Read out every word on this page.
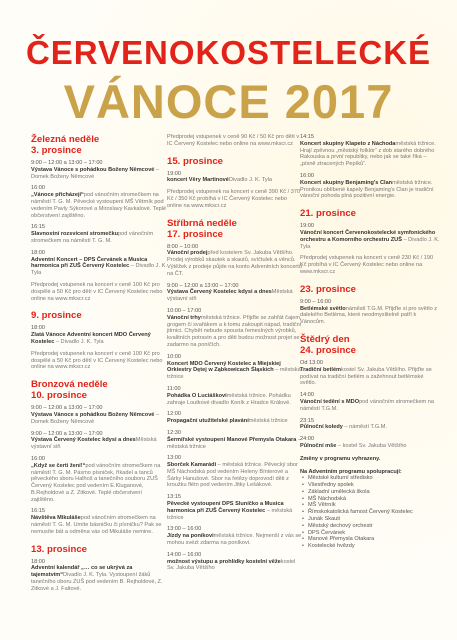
ČERVENOKOSTELECKÉ
VÁNOCE 2017
Železná neděle
3. prosince
9:00 – 12:00 a 13:00 – 17:00
Výstava Vánoce s pohádkou Boženy Němcové – Domek Boženy Němcové
16:00
„Vánoce přicházejí“pod vánočním stromečkem na náměstí T. G. M. Pěvecké vystoupení MŠ Větrník pod vedením Pavly Sýkorové a Miroslavy Kavkalové. Teplé občerstvení zajištěno.
16:15
Slavnostní rozsvícení stromečkupod vánočním stromečkem na náměstí T. G. M.
18:00
Adventní Koncert – DPS Červánek a Musica harmonica při ZUŠ Červený Kostelec – Divadlo J. K. Tyla
Předprodej vstupenek na koncert v ceně 100 Kč pro dospělé a 50 Kč pro dětí v IC Červený Kostelec nebo online na www.mkscr.cz
9. prosince
18:00
Zlatá Vánoce Adventní koncert MDO Červený Kostelec – Divadlo J. K. Tyla
Předprodej vstupenek na koncert v ceně 100 Kč pro dospělé a 50 Kč pro dětí v IC Červený Kostelec nebo online na www.mkscr.cz
Bronzová neděle
10. prosince
9:00 – 12:00 a 13:00 – 17:00
Výstava Vánoce s pohádkou Boženy Němcové – Domek Boženy Němcové
9:00 – 12:00 a 13:00 – 17:00
Výstava Červený Kostelec kdysi a dnesMěstská výstavní síň
16:00
„Když se čerti žení!“pod vánočním stromečkem na náměstí T. G. M. Pásmo písniček, říkadel a tanců pěveckého sboru Halhoš a tanečního souboru ZUŠ Červený Kostelec pod vedením E.Kluganové, B.Rejholdové a Z. Zitkové. Teplé občerstvení zajištěno.
16:15
Návštěva Mikulášepod vánočním stromečkem na náměstí T. G. M. Umíte básničku či písničku? Pak se nemusíte bát a odměna vás od Mikuláše nemine.
13. prosince
18:00
Adventní kalendář „… co se ukrývá za tajemstvím“Divadlo J. K. Tyla. Vystoupení žáků tanečního oboru ZUŠ pod vedením B. Rejholdové, Z. Zitkové a J. Faltové.
Předprodej vstupenek v ceně 90 Kč / 50 Kč pro dětí v IC Červený Kostelec nebo online na www.mkscr.cz
15. prosince
19:00
koncert Věry MartinovéDivadlo J. K. Tyla
Předprodej vstupenek na koncert v ceně 390 Kč / 370 Kč / 350 Kč probíhá v IC Červený Kostelec nebo online na www.mkscr.cz
Stříbrná neděle
17. prosince
8:00 – 10:00
Vánoční prodejpřed kostelem Sv. Jakuba Většího. Prodej výrobků skautek a skautů, svíčtulek a věnců. Výtěžek z prodeje půjde na konto Adventních koncertů na ČT.
9:00 – 12:00 a 13:00 – 17:00
Výstava Červený Kostelec kdysi a dnesMěstská výstavní síň
10:00 – 17:00
Vánoční trhyměstská tržnice. Přijďte se zahřát čajem, grogem či svařákem a k tomu zakoupit nápad, tradiční jitrnici. Chybět nebude spousta řemeslných výrobků, kvalitních potravin a pro děti budou možnost projet se zadarmo na poníčích.
10:00
Koncert MDO Červený Kostelec a Miejskiej Orkiestry Dętej w Ząbkowicach Śląskich – městská tržnice
11:00
Pohádka O Luciáškoviměstská tržnice. Pohádku zahraje Loutkové divadlo Koník z Hradce Králové.
12:00
Propagační utužitelské plaváníměstská tržnice
12:30
Šermířské vystoupení Manové Přemysla Otakara – městská tržnice
13:00
Sborček Kamarádi – městská tržnice. Pěvecký sbor MŠ Náchodská pod vedením Heleny Bínterové a Šárky Hanušové. Sbor na řetězy doprovodí děti z kroužku flétn pod vedením Jitky Lešákové.
13:15
Pěvecké vystoupení DPS Sluníčko a Musica harmonica při ZUŠ Červený Kostelec – městská tržnice
13:00 – 16:00
Jízdy na poníkoviměstská tržnice. Nejmenší z vás se mohou svézt zdarma na poníkovi.
14:00 – 16:00
možnost výstupu a prohlídky kostelní věžekostel Sv. Jakuba Většího
14:15
Koncert skupiny Klapeto z Náchodaměstská tržnice. Hrají zpěvnou „městský folklór“ z dob starého dobrého Rakouska a první republiky, nebo jak se také říká – „písně ztracených Pepíků“.
16:00
Koncert skupiny Benjaming's Clanměstská tržnice. Pronikou oblíbené kapely Benjaming's Clan je tradiční vánoční pohoda plná pozitivní energie.
21. prosince
19:00
Vánoční koncert Červenokostelecké symfonického orchestru a Komorního orchestru ZUŠ – Divadlo J. K. Tyla
Předprodej vstupenek na koncert v ceně 230 Kč / 190 Kč probíhá v IC Červený Kostelec nebo online na www.mkscr.cz
23. prosince
9:00 – 16:00
Betlémské světlonáměstí T.G.M. Přijďte si pro světlo z dalekého Betléma, které neodmyslitelně patří k Vánocům.
Štědrý den
24. prosince
Od 13:00
Tradiční betlémkostel Sv. Jakuba Většího. Přijďte se podívat na tradiční betlém a zažehnout betlémské světlo.
14:00
Vánoční tedění s MDOpod vánočním stromečkem na náměstí T.G.M.
23:15
Půlnoční koledy – náměstí T.G.M.
24:00
Půlnoční mše – kostel Sv. Jakuba Většího
Změny v programu vyhrazeny.
Na Adventním programu spolupracují:
• Městské kulturní středisko
• Všestředny spolek
• Základní umělecká škola
• MŠ Náchodská
• MŠ Větrník
• Římskokatolická farnost Červený Kostelec
• Junák Skauti
• Městský dechový orchestr
• DPS Červánek
• Manové Přemysla Otakara
• Kostelecké hvězdy
